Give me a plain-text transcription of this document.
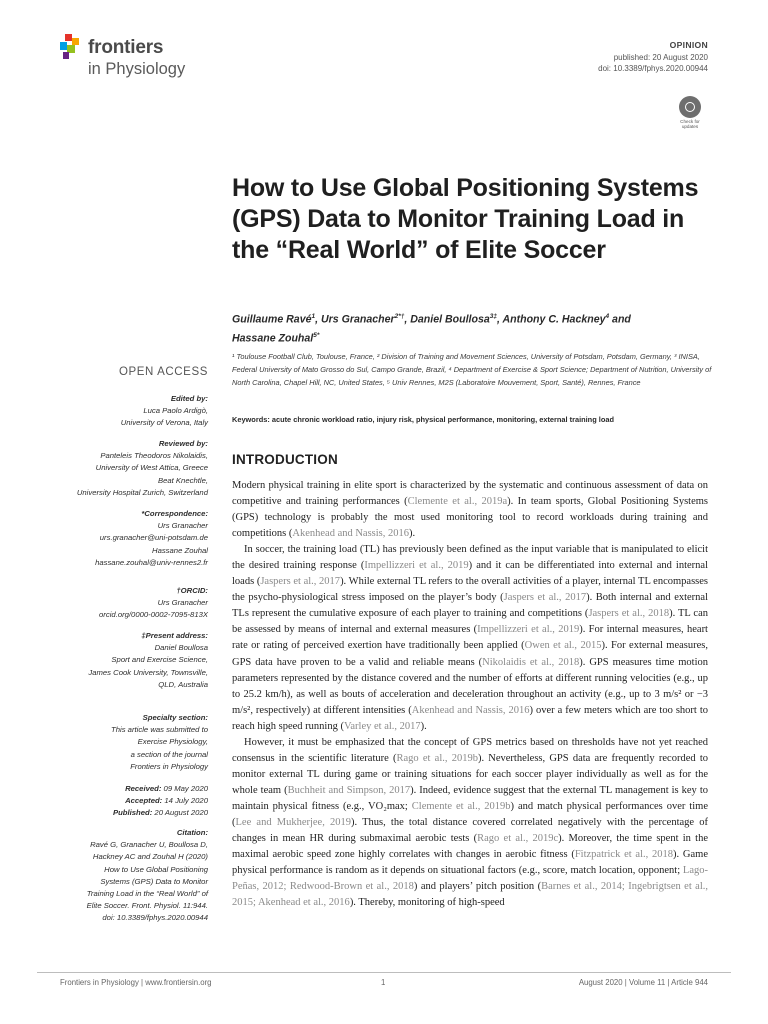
frontiers
in Physiology
OPINION
published: 20 August 2020
doi: 10.3389/fphys.2020.00944
Check for updates
How to Use Global Positioning Systems (GPS) Data to Monitor Training Load in the “Real World” of Elite Soccer
Guillaume Ravé$^1$, Urs Granacher$^{2*\dagger}$, Daniel Boullosa$^{3\ddagger}$, Anthony C. Hackney$^4$ and Hassane Zouhal$^{5*}$
¹ Toulouse Football Club, Toulouse, France, ² Division of Training and Movement Sciences, University of Potsdam, Potsdam, Germany, ³ INISA, Federal University of Mato Grosso do Sul, Campo Grande, Brazil, ⁴ Department of Exercise & Sport Science; Department of Nutrition, University of North Carolina, Chapel Hill, NC, United States, ⁵ Univ Rennes, M2S (Laboratoire Mouvement, Sport, Santé), Rennes, France
Keywords: acute chronic workload ratio, injury risk, physical performance, monitoring, external training load
OPEN ACCESS

Edited by:

Luca Paolo Ardigò,

University of Verona, Italy

Reviewed by:

Panteleis Theodoros Nikolaidis,

University of West Attica, Greece

Beat Knechtle,

University Hospital Zurich, Switzerland

*Correspondence:

Urs Granacher

urs.granacher@uni-potsdam.de

Hassane Zouhal

hassane.zouhal@univ-rennes2.fr

†ORCID:

Urs Granacher

orcid.org/0000-0002-7095-813X

‡Present address:

Daniel Boullosa

Sport and Exercise Science,

James Cook University, Townsville,

QLD, Australia

Specialty section:

This article was submitted to

Exercise Physiology,

a section of the journal

Frontiers in Physiology

Received: 09 May 2020

Accepted: 14 July 2020

Published: 20 August 2020

Citation:

Ravé G, Granacher U, Boullosa D,

Hackney AC and Zouhal H (2020)

How to Use Global Positioning

Systems (GPS) Data to Monitor

Training Load in the “Real World” of

Elite Soccer. Front. Physiol. 11:944.

doi: 10.3389/fphys.2020.00944

INTRODUCTION

Modern physical training in elite sport is characterized by the systematic and continuous assessment of data on competitive and training performances (Clemente et al., 2019a). In team sports, Global Positioning Systems (GPS) technology is probably the most used monitoring tool to record workloads during training and competitions (Akenhead and Nassis, 2016).

In soccer, the training load (TL) has previously been defined as the input variable that is manipulated to elicit the desired training response (Impellizzeri et al., 2019) and it can be differentiated into external and internal loads (Jaspers et al., 2017). While external TL refers to the overall activities of a player, internal TL encompasses the psycho-physiological stress imposed on the player’s body (Jaspers et al., 2017). Both internal and external TLs represent the cumulative exposure of each player to training and competitions (Jaspers et al., 2018). TL can be assessed by means of internal and external measures (Impellizzeri et al., 2019). For internal measures, heart rate or rating of perceived exertion have traditionally been applied (Owen et al., 2015). For external measures, GPS data have proven to be a valid and reliable means (Nikolaidis et al., 2018). GPS measures time motion parameters represented by the distance covered and the number of efforts at different running velocities (e.g., up to 25.2 km/h), as well as bouts of acceleration and deceleration throughout an activity (e.g., up to 3 m/s² or −3 m/s², respectively) at different intensities (Akenhead and Nassis, 2016) over a few meters which are too short to reach high speed running (Varley et al., 2017).

However, it must be emphasized that the concept of GPS metrics based on thresholds have not yet reached consensus in the scientific literature (Rago et al., 2019b). Nevertheless, GPS data are frequently recorded to monitor external TL during game or training situations for each soccer player individually as well as for the whole team (Buchheit and Simpson, 2017). Indeed, evidence suggest that the external TL management is key to maintain physical fitness (e.g., VO₂max; Clemente et al., 2019b) and match physical performances over time (Lee and Mukherjee, 2019). Thus, the total distance covered correlated negatively with the percentage of changes in mean HR during submaximal aerobic tests (Rago et al., 2019c). Moreover, the time spent in the maximal aerobic speed zone highly correlates with changes in aerobic fitness (Fitzpatrick et al., 2018). Game physical performance is random as it depends on situational factors (e.g., score, match location, opponent; Lago-Peñas, 2012; Redwood-Brown et al., 2018) and players’ pitch position (Barnes et al., 2014; Ingebrigtsen et al., 2015; Akenhead et al., 2016). Thereby, monitoring of high-speed

Frontiers in Physiology | www.frontiersin.org	1	August 2020 | Volume 11 | Article 944
